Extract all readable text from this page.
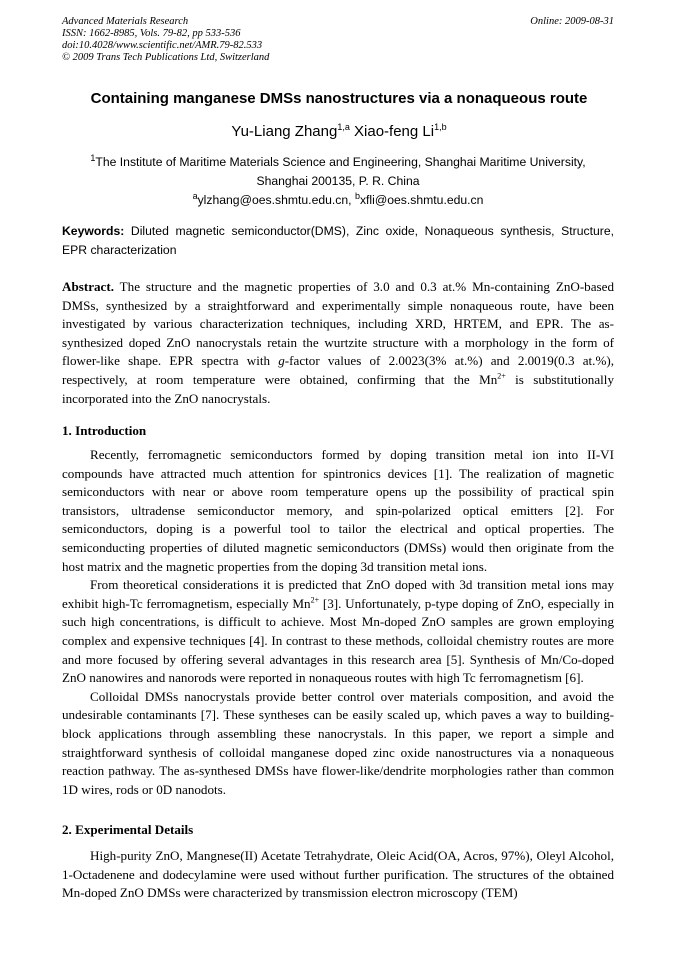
Advanced Materials Research
ISSN: 1662-8985, Vols. 79-82, pp 533-536
doi:10.4028/www.scientific.net/AMR.79-82.533
© 2009 Trans Tech Publications Ltd, Switzerland
Online: 2009-08-31
Containing manganese DMSs nanostructures via a nonaqueous route
Yu-Liang Zhang$^{1,a}$ Xiao-feng Li$^{1,b}$
$^1$The Institute of Maritime Materials Science and Engineering, Shanghai Maritime University,
Shanghai 200135, P. R. China
$^a$ylzhang@oes.shmtu.edu.cn, $^b$xfli@oes.shmtu.edu.cn
Keywords: Diluted magnetic semiconductor(DMS), Zinc oxide, Nonaqueous synthesis, Structure, EPR characterization
Abstract. The structure and the magnetic properties of 3.0 and 0.3 at.% Mn-containing ZnO-based DMSs, synthesized by a straightforward and experimentally simple nonaqueous route, have been investigated by various characterization techniques, including XRD, HRTEM, and EPR. The as-synthesized doped ZnO nanocrystals retain the wurtzite structure with a morphology in the form of flower-like shape. EPR spectra with g-factor values of 2.0023(3% at.%) and 2.0019(0.3 at.%), respectively, at room temperature were obtained, confirming that the $Mn^{2+}$ is substitutionally incorporated into the ZnO nanocrystals.
1. Introduction

Recently, ferromagnetic semiconductors formed by doping transition metal ion into II-VI compounds have attracted much attention for spintronics devices [1]. The realization of magnetic semiconductors with near or above room temperature opens up the possibility of practical spin transistors, ultradense semiconductor memory, and spin-polarized optical emitters [2]. For semiconductors, doping is a powerful tool to tailor the electrical and optical properties. The semiconducting properties of diluted magnetic semiconductors (DMSs) would then originate from the host matrix and the magnetic properties from the doping 3d transition metal ions.

From theoretical considerations it is predicted that ZnO doped with 3d transition metal ions may exhibit high-Tc ferromagnetism, especially $Mn^{2+}$ [3]. Unfortunately, p-type doping of ZnO, especially in such high concentrations, is difficult to achieve. Most Mn-doped ZnO samples are grown employing complex and expensive techniques [4]. In contrast to these methods, colloidal chemistry routes are more and more focused by offering several advantages in this research area [5]. Synthesis of Mn/Co-doped ZnO nanowires and nanorods were reported in nonaqueous routes with high Tc ferromagnetism [6].

Colloidal DMSs nanocrystals provide better control over materials composition, and avoid the undesirable contaminants [7]. These syntheses can be easily scaled up, which paves a way to building-block applications through assembling these nanocrystals. In this paper, we report a simple and straightforward synthesis of colloidal manganese doped zinc oxide nanostructures via a nonaqueous reaction pathway. The as-synthesed DMSs have flower-like/dendrite morphologies rather than common 1D wires, rods or 0D nanodots.

2. Experimental Details

High-purity ZnO, Mangnese(II) Acetate Tetrahydrate, Oleic Acid(OA, Acros, 97%), Oleyl Alcohol, 1-Octadenene and dodecylamine were used without further purification. The structures of the obtained Mn-doped ZnO DMSs were characterized by transmission electron microscopy (TEM)
